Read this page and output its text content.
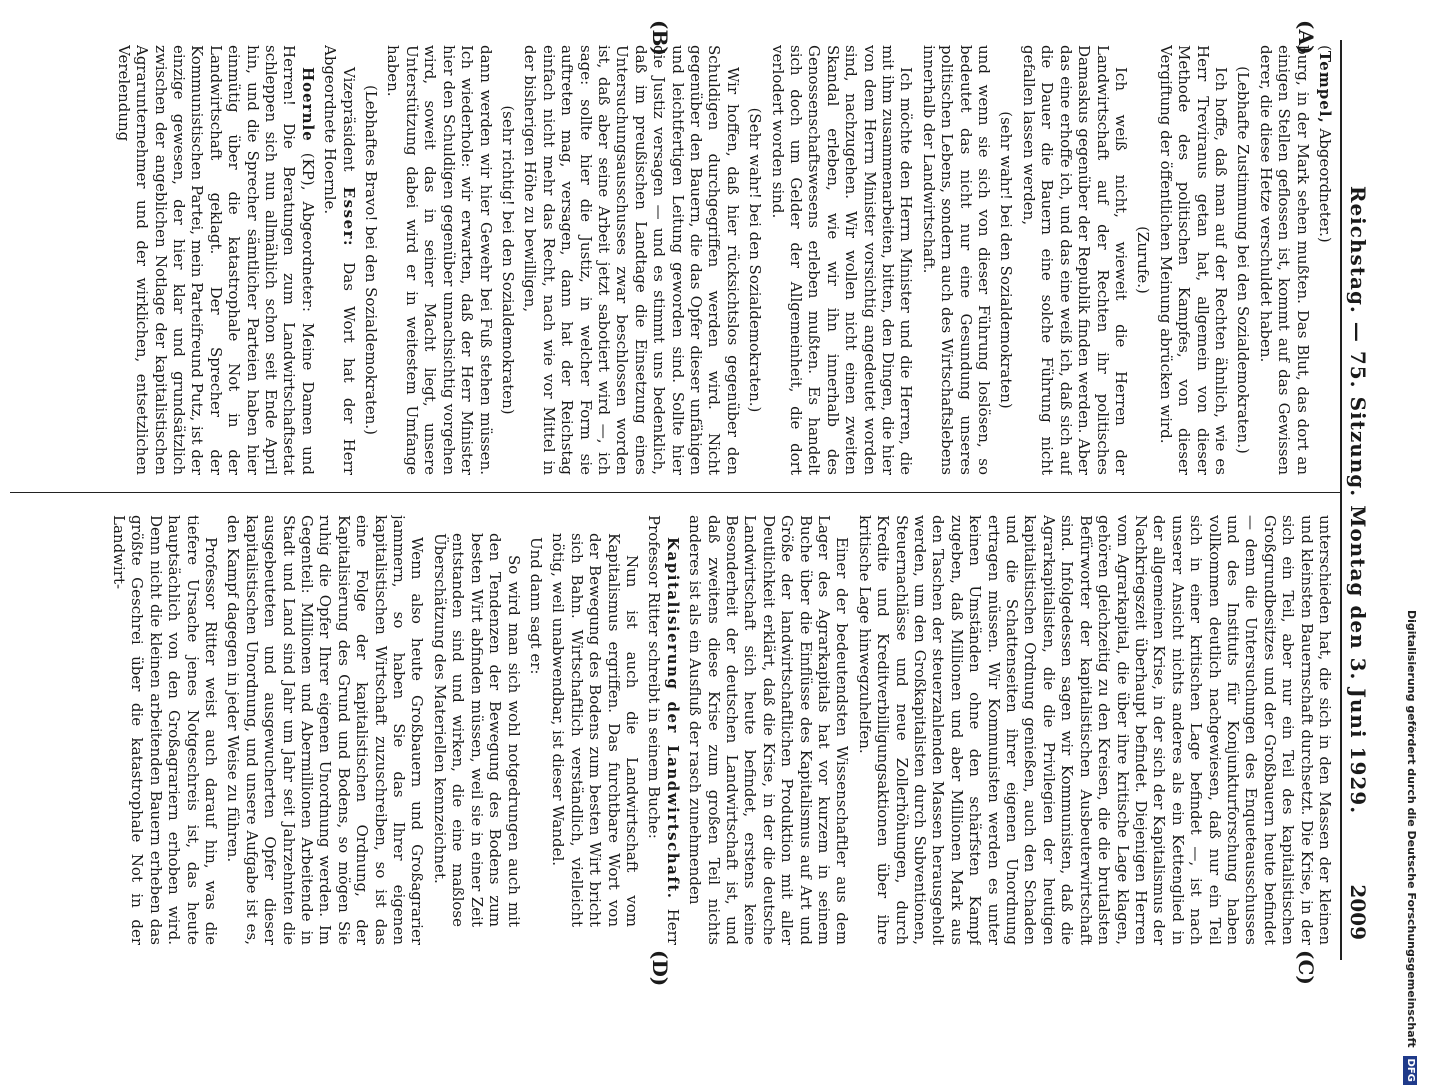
Reichstag. — 75. Sitzung. Montag den 3. Juni 1929.
2009
(A)
(B)
(C)
(D)

(Tempel, Abgeordneter.)

burg, in der Mark sehen mußten. Das Blut, das dort an einigen Stellen geflossen ist, kommt auf das Gewissen derer, die diese Hetze verschuldet haben.

(Lebhafte Zustimmung bei den Sozialdemokraten.)

Ich hoffe, daß man auf der Rechten ähnlich, wie es Herr Treviranus getan hat, allgemein von dieser Methode des politischen Kampfes, von dieser Vergiftung der öffentlichen Meinung abrücken wird.

(Zurufe.)

Ich weiß nicht, wieweit die Herren der Landwirtschaft auf der Rechten ihr politisches Damaskus gegenüber der Republik finden werden. Aber das eine erhoffe ich, und das eine weiß ich, daß sich auf die Dauer die Bauern eine solche Führung nicht gefallen lassen werden,

(sehr wahr! bei den Sozialdemokraten)

und wenn sie sich von dieser Führung loslösen, so bedeutet das nicht nur eine Gesundung unseres politischen Lebens, sondern auch des Wirtschaftslebens innerhalb der Landwirtschaft.

Ich möchte den Herrn Minister und die Herren, die mit ihm zusammenarbeiten, bitten, den Dingen, die hier von dem Herrn Minister vorsichtig angedeutet worden sind, nachzugehen. Wir wollen nicht einen zweiten Skandal erleben, wie wir ihn innerhalb des Genossenschaftswesens erleben mußten. Es handelt sich doch um Gelder der Allgemeinheit, die dort verlodert worden sind.

(Sehr wahr! bei den Sozialdemokraten.)

Wir hoffen, daß hier rücksichtslos gegenüber den Schuldigen durchgegriffen werden wird. Nicht gegenüber den Bauern, die das Opfer dieser unfähigen und leichtfertigen Leitung geworden sind. Sollte hier die Justiz versagen — und es stimmt uns bedenklich, daß im preußischen Landtage die Einsetzung eines Untersuchungsausschusses zwar beschlossen worden ist, daß aber seine Arbeit jetzt sabotiert wird —, ich sage: sollte hier die Justiz, in welcher Form sie auftreten mag, versagen, dann hat der Reichstag einfach nicht mehr das Recht, nach wie vor Mittel in der bisherigen Höhe zu bewilligen,

(sehr richtig! bei den Sozialdemokraten)

dann werden wir hier Gewehr bei Fuß stehen müssen. Ich wiederhole: wir erwarten, daß der Herr Minister hier den Schuldigen gegenüber unnachsichtig vorgehen wird, soweit das in seiner Macht liegt, unsere Unterstützung dabei wird er in weitestem Umfange haben.

(Lebhaftes Bravo! bei den Sozialdemokraten.)

Vizepräsident Esser: Das Wort hat der Herr Abgeordnete Hoernle.

Hoernle (KP), Abgeordneter: Meine Damen und Herren! Die Beratungen zum Landwirtschaftsetat schleppen sich nun allmählich schon seit Ende April hin, und die Sprecher sämtlicher Parteien haben hier einmütig über die katastrophale Not in der Landwirtschaft geklagt. Der Sprecher der Kommunistischen Partei, mein Parteifreund Putz, ist der einzige gewesen, der hier klar und grundsätzlich zwischen der angeblichen Notlage der kapitalistischen Agrarunternehmer und der wirklichen, entsetzlichen Verelendung

unterschieden hat, die sich in den Massen der kleinen und kleinsten Bauernschaft durchsetzt. Die Krise, in der sich ein Teil, aber nur ein Teil des kapitalistischen Großgrundbesitzes und der Großbauern heute befindet — denn die Untersuchungen des Enqueteausschusses und des Instituts für Konjunkturforschung haben vollkommen deutlich nachgewiesen, daß nur ein Teil sich in einer kritischen Lage befindet —, ist nach unserer Ansicht nichts anderes als ein Kettenglied in der allgemeinen Krise, in der sich der Kapitalismus der Nachkriegszeit überhaupt befindet. Diejenigen Herren vom Agrarkapital, die über ihre kritische Lage klagen, gehören gleichzeitig zu den Kreisen, die die brutalsten Befürworter der kapitalistischen Ausbeuterwirtschaft sind. Infolgedessen sagen wir Kommunisten, daß die Agrarkapitalisten, die die Privilegien der heutigen kapitalistischen Ordnung genießen, auch den Schaden und die Schattenseiten ihrer eigenen Unordnung ertragen müssen. Wir Kommunisten werden es unter keinen Umständen ohne den schärfsten Kampf zugeben, daß Millionen und aber Millionen Mark aus den Taschen der steuerzahlenden Massen herausgeholt werden, um den Großkapitalisten durch Subventionen, Steuernachlässe und neue Zollerhöhungen, durch Kredite und Kreditverbilligungsaktionen über ihre kritische Lage hinwegzuhelfen.

Einer der bedeutendsten Wissenschaftler aus dem Lager des Agrarkapitals hat vor kurzem in seinem Buche über die Einflüsse des Kapitalismus auf Art und Größe der landwirtschaftlichen Produktion mit aller Deutlichkeit erklärt, daß die Krise, in der die deutsche Landwirtschaft sich heute befindet, erstens keine Besonderheit der deutschen Landwirtschaft ist, und daß zweitens diese Krise zum großen Teil nichts anderes ist als ein Ausfluß der rasch zunehmenden

Kapitalisierung der Landwirtschaft. Herr Professor Ritter schreibt in seinem Buche:

Nun ist auch die Landwirtschaft vom Kapitalismus ergriffen. Das furchtbare Wort von der Bewegung des Bodens zum besten Wirt bricht sich Bahn. Wirtschaftlich verständlich, vielleicht nötig, weil unabwendbar, ist dieser Wandel.

Und dann sagt er:

So wird man sich wohl notgedrungen auch mit den Tendenzen der Bewegung des Bodens zum besten Wirt abfinden müssen, weil sie in einer Zeit entstanden sind und wirken, die eine maßlose Überschätzung des Materiellen kennzeichnet.

Wenn also heute Großbauern und Großagrarier jammern, so haben Sie das Ihrer eigenen kapitalistischen Wirtschaft zuzuschreiben, so ist das eine Folge der kapitalistischen Ordnung, der Kapitalisierung des Grund und Bodens, so mögen Sie ruhig die Opfer Ihrer eigenen Unordnung werden. Im Gegenteil: Millionen und Abermillionen Arbeitende in Stadt und Land sind Jahr um Jahr seit Jahrzehnten die ausgebeuteten und ausgewucherten Opfer dieser kapitalistischen Unordnung, und unsere Aufgabe ist es, den Kampf dagegen in jeder Weise zu führen.

Professor Ritter weist auch darauf hin, was die tiefere Ursache jenes Notgeschreis ist, das heute hauptsächlich von den Großagrariern erhoben wird. Denn nicht die kleinen arbeitenden Bauern erheben das größte Geschrei über die katastrophale Not in der Landwirt-

Digitalisierung gefördert durch die Deutsche Forschungsgemeinschaft DFG
